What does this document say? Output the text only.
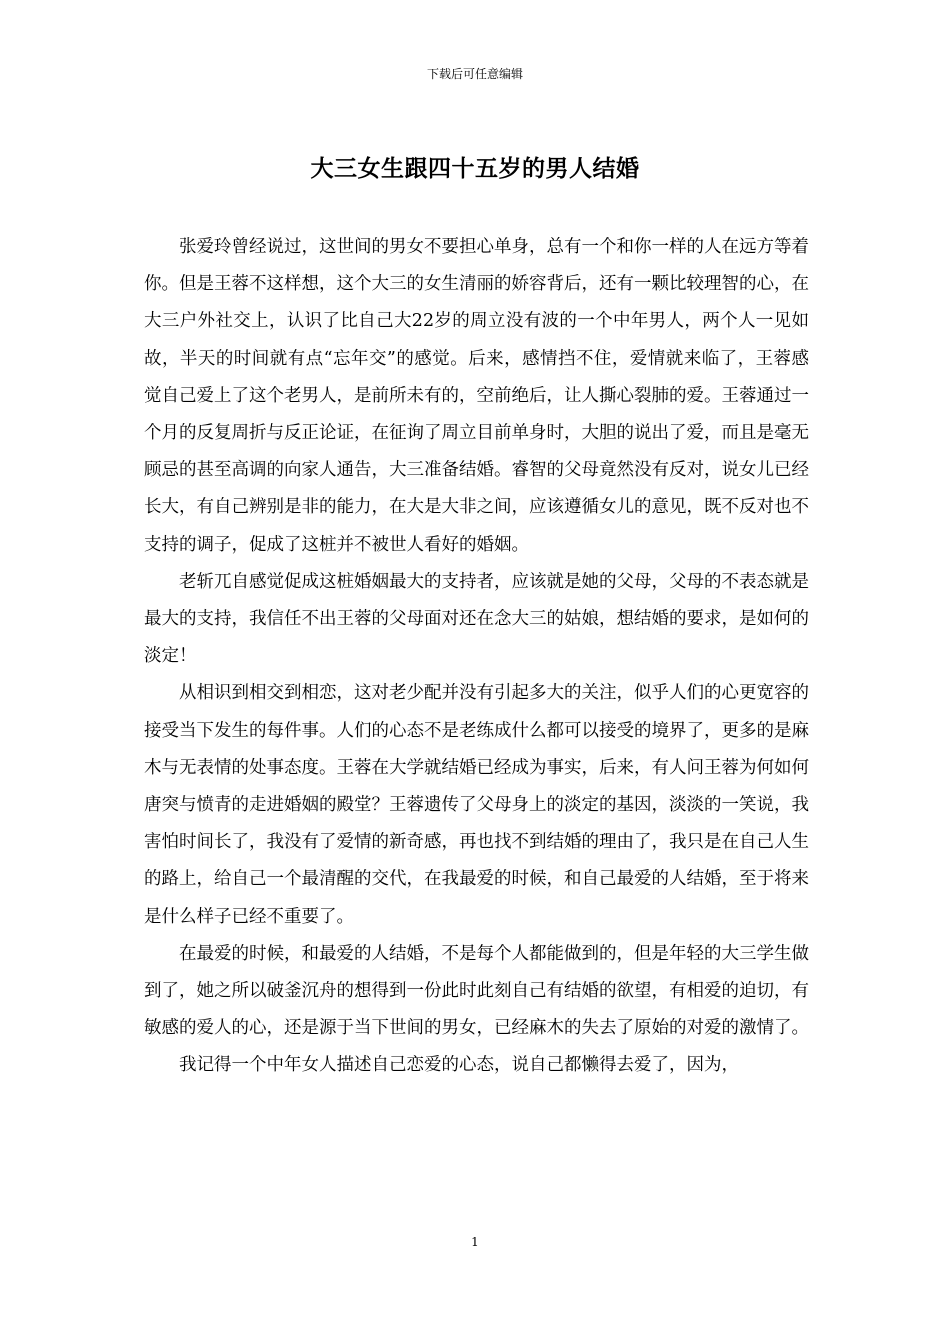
下载后可任意编辑
大三女生跟四十五岁的男人结婚

张爱玲曾经说过，这世间的男女不要担心单身，总有一个和你一样的人在远方等着你。但是王蓉不这样想，这个大三的女生清丽的娇容背后，还有一颗比较理智的心，在大三户外社交上，认识了比自己大22岁的周立没有波的一个中年男人，两个人一见如故，半天的时间就有点“忘年交”的感觉。后来，感情挡不住，爱情就来临了，王蓉感觉自己爱上了这个老男人，是前所未有的，空前绝后，让人撕心裂肺的爱。王蓉通过一个月的反复周折与反正论证，在征询了周立目前单身时，大胆的说出了爱，而且是毫无顾忌的甚至高调的向家人通告，大三准备结婚。睿智的父母竟然没有反对，说女儿已经长大，有自己辨别是非的能力，在大是大非之间，应该遵循女儿的意见，既不反对也不支持的调子，促成了这桩并不被世人看好的婚姻。

老斩兀自感觉促成这桩婚姻最大的支持者，应该就是她的父母，父母的不表态就是最大的支持，我信任不出王蓉的父母面对还在念大三的姑娘，想结婚的要求，是如何的淡定！

从相识到相交到相恋，这对老少配并没有引起多大的关注，似乎人们的心更宽容的接受当下发生的每件事。人们的心态不是老练成什么都可以接受的境界了，更多的是麻木与无表情的处事态度。王蓉在大学就结婚已经成为事实，后来，有人问王蓉为何如何唐突与愤青的走进婚姻的殿堂？王蓉遗传了父母身上的淡定的基因，淡淡的一笑说，我害怕时间长了，我没有了爱情的新奇感，再也找不到结婚的理由了，我只是在自己人生的路上，给自己一个最清醒的交代，在我最爱的时候，和自己最爱的人结婚，至于将来是什么样子已经不重要了。

在最爱的时候，和最爱的人结婚，不是每个人都能做到的，但是年轻的大三学生做到了，她之所以破釜沉舟的想得到一份此时此刻自己有结婚的欲望，有相爱的迫切，有敏感的爱人的心，还是源于当下世间的男女，已经麻木的失去了原始的对爱的激情了。

我记得一个中年女人描述自己恋爱的心态，说自己都懒得去爱了，因为，

1
